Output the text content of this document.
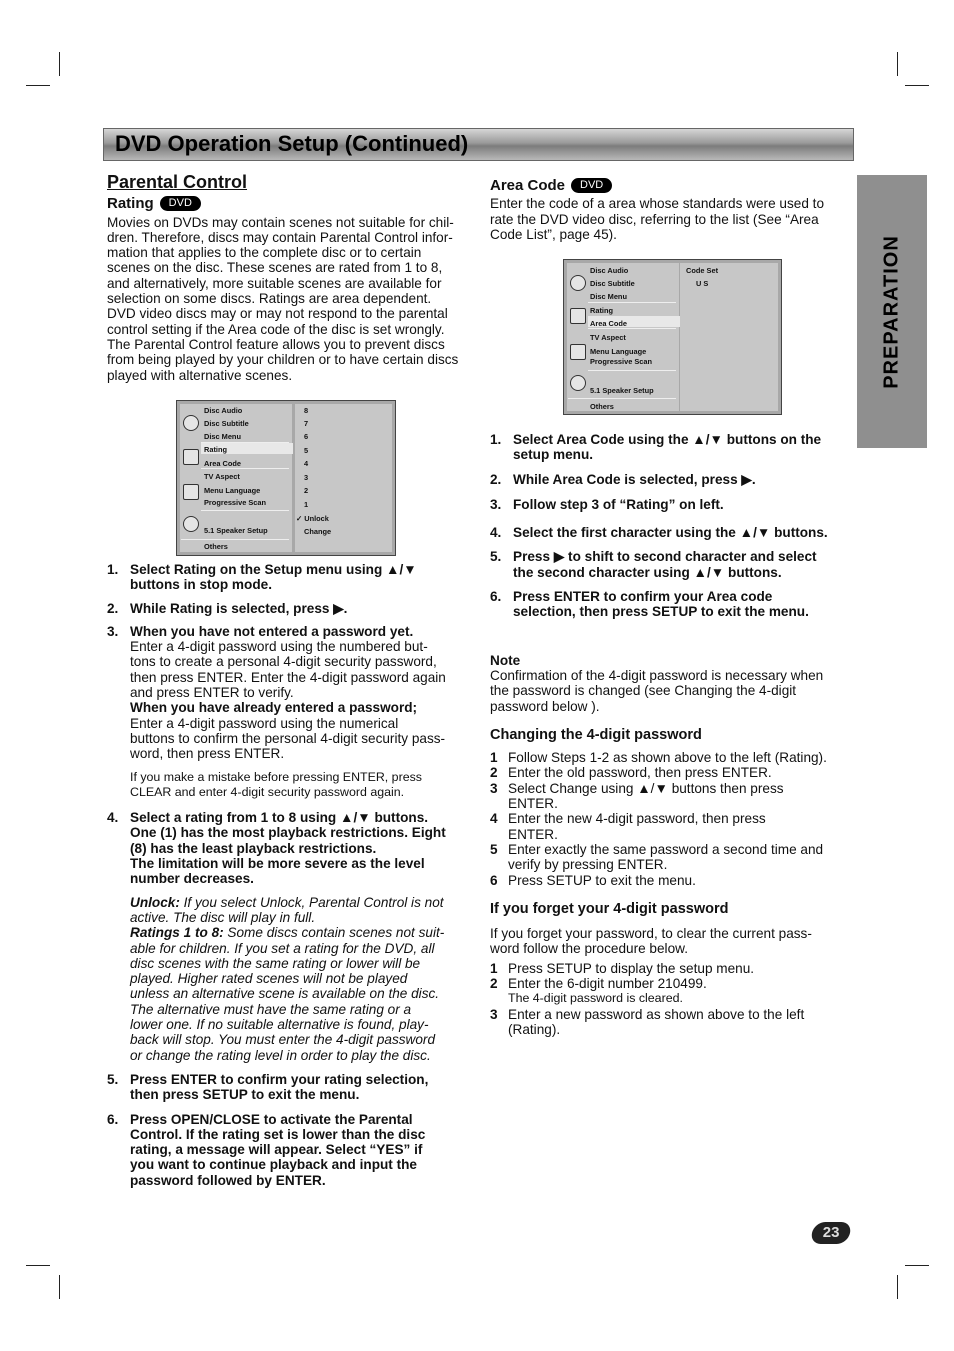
DVD Operation Setup (Continued)
PREPARATION

Parental Control

Rating	DVD

Movies on DVDs may contain scenes not suitable for chil-

dren. Therefore, discs may contain Parental Control infor-

mation that applies to the complete disc or to certain

scenes on the disc. These scenes are rated from 1 to 8,

and alternatively, more suitable scenes are available for

selection on some discs. Ratings are area dependent.

DVD video discs may or may not respond to the parental

control setting if the Area code of the disc is set wrongly.

The Parental Control feature allows you to prevent discs

from being played by your children or to have certain discs

played with alternative scenes.

Disc Audio
Disc Subtitle
Disc Menu
Rating
Area Code
TV Aspect
Menu Language
Progressive Scan
5.1 Speaker Setup
Others
8
7
6
5
4
3
2
1
✓ Unlock
Change
1. Select Rating on the Setup menu using ▲/▼

buttons in stop mode.

2. While Rating is selected, press ▶.
3. When you have not entered a password yet.

Enter a 4-digit password using the numbered but-

tons to create a personal 4-digit security password,

then press ENTER. Enter the 4-digit password again

and press ENTER to verify.

When you have already entered a password;

Enter a 4-digit password using the numerical

buttons to confirm the personal 4-digit security pass-

word, then press ENTER.

If you make a mistake before pressing ENTER, press

CLEAR and enter 4-digit security password again.

4. Select a rating from 1 to 8 using ▲/▼ buttons.

One (1) has the most playback restrictions. Eight

(8) has the least playback restrictions.

The limitation will be more severe as the level

number decreases.

Unlock: If you select Unlock, Parental Control is not

active. The disc will play in full.

Ratings 1 to 8: Some discs contain scenes not suit-

able for children. If you set a rating for the DVD, all

disc scenes with the same rating or lower will be

played. Higher rated scenes will not be played

unless an alternative scene is available on the disc.

The alternative must have the same rating or a

lower one. If no suitable alternative is found, play-

back will stop. You must enter the 4-digit password

or change the rating level in order to play the disc.

5. Press ENTER to confirm your rating selection,

then press SETUP to exit the menu.

6. Press OPEN/CLOSE to activate the Parental

Control. If the rating set is lower than the disc

rating, a message will appear. Select “YES” if

you want to continue playback and input the

password followed by ENTER.

Area Code	DVD

Enter the code of a area whose standards were used to

rate the DVD video disc, referring to the list (See “Area

Code List”, page 45).

Disc Audio
Disc Subtitle
Disc Menu
Rating
Area Code
TV Aspect
Menu Language
Progressive Scan
5.1 Speaker Setup
Others
Code Set
U S
1. Select Area Code using the ▲/▼ buttons on the

setup menu.

2. While Area Code is selected, press ▶.
3. Follow step 3 of “Rating” on left.
4. Select the first character using the ▲/▼ buttons.
5. Press ▶ to shift to second character and select

the second character using ▲/▼ buttons.

6. Press ENTER to confirm your Area code

selection, then press SETUP to exit the menu.

Note

Confirmation of the 4-digit password is necessary when

the password is changed (see Changing the 4-digit

password below ).

Changing the 4-digit password

1 Follow Steps 1-2 as shown above to the left (Rating).
2 Enter the old password, then press ENTER.
3 Select Change using ▲/▼ buttons then press

ENTER.

4 Enter the new 4-digit password, then press

ENTER.

5 Enter exactly the same password a second time and

verify by pressing ENTER.

6 Press SETUP to exit the menu.

If you forget your 4-digit password

If you forget your password, to clear the current pass-

word follow the procedure below.

1 Press SETUP to display the setup menu.
2 Enter the 6-digit number 210499.

The 4-digit password is cleared.

3 Enter a new password as shown above to the left

(Rating).

23
